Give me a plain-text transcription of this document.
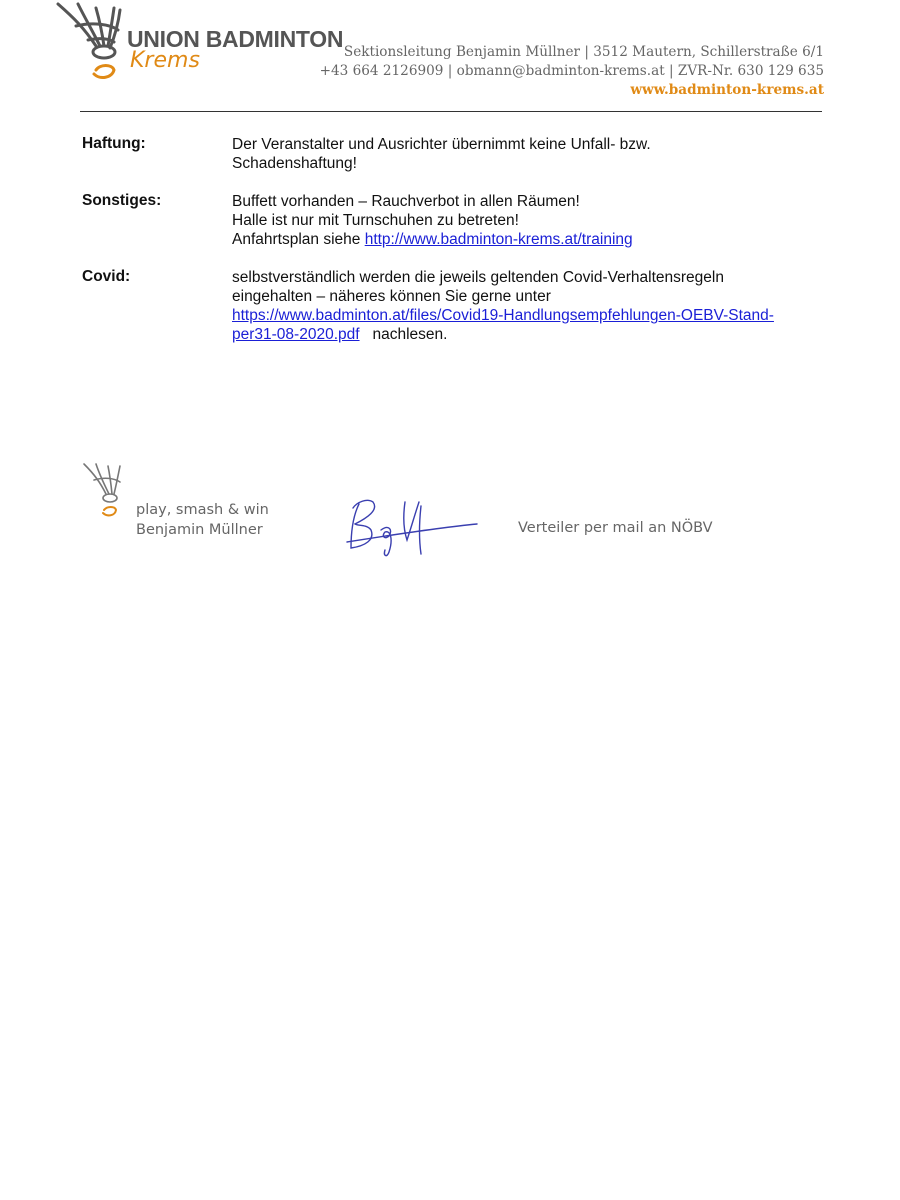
UNION BADMINTON
Krems	Sektionsleitung Benjamin Müllner | 3512 Mautern, Schillerstraße 6/1
+43 664 2126909 | obmann@badminton-krems.at | ZVR-Nr. 630 129 635
www.badminton-krems.at
Haftung:	Der Veranstalter und Ausrichter übernimmt keine Unfall- bzw.
Schadenshaftung!
Sonstiges:	Buffett vorhanden – Rauchverbot in allen Räumen!
Halle ist nur mit Turnschuhen zu betreten!
Anfahrtsplan siehe http://www.badminton-krems.at/training
Covid:	selbstverständlich werden die jeweils geltenden Covid-Verhaltensregeln
eingehalten – näheres können Sie gerne unter
https://www.badminton.at/files/Covid19-Handlungsempfehlungen-OEBV-Stand-
per31-08-2020.pdf   nachlesen.
play, smash & win
Benjamin Müllner	Verteiler per mail an NÖBV
